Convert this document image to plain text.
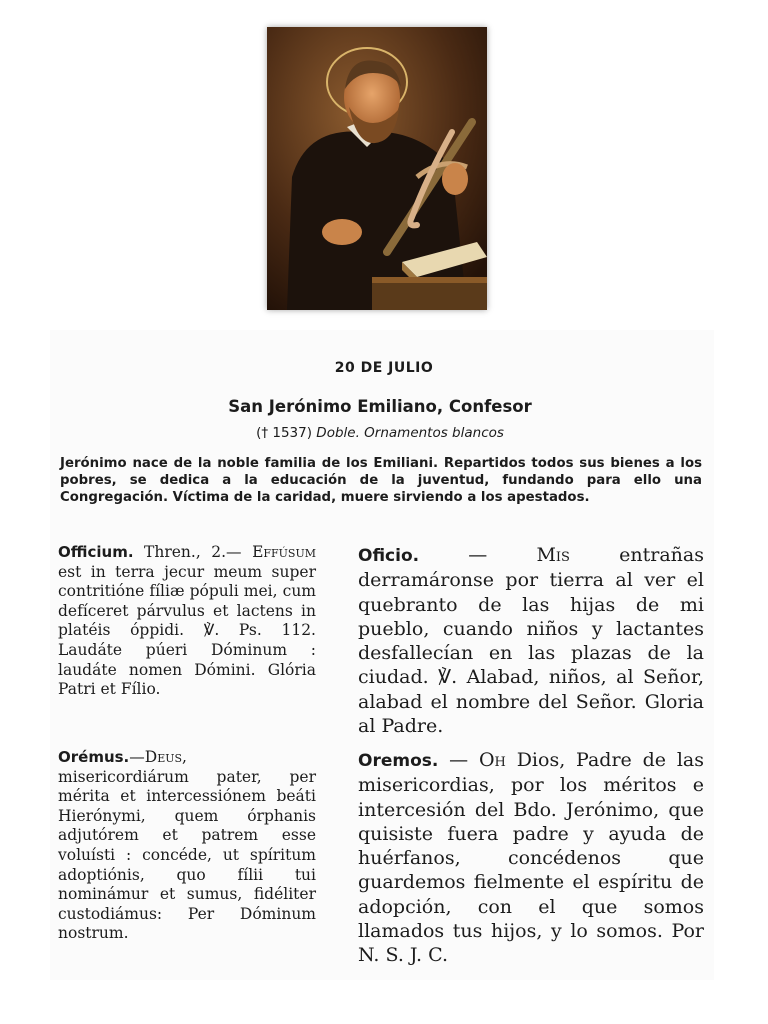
20 DE JULIO
San Jerónimo Emiliano, Confesor
(† 1537) Doble. Ornamentos blancos
Jerónimo nace de la noble familia de los Emiliani. Repartidos todos sus bienes a los pobres, se dedica a la educación de la juventud, fundando para ello una Congregación. Víctima de la caridad, muere sirviendo a los apestados.
Officium. Thren., 2.— Effúsum est in terra jecur meum super contritióne fíliæ pópuli mei, cum defíceret párvulus et lactens in platéis óppidi. ℣. Ps. 112. Laudáte púeri Dóminum : laudáte nomen Dómini. Glória Patri et Fílio.
Oficio.	—	Mis	entrañas derramáronse por tierra al ver el quebranto de las hijas de mi pueblo, cuando niños y lactantes desfallecían en las plazas de la ciudad. ℣. Alabad, niños, al Señor, alabad el nombre del Señor. Gloria al Padre.
Orémus.—Deus, misericordiárum pater, per mérita et intercessiónem beáti Hierónymi, quem órphanis adjutórem et patrem esse voluísti : concéde, ut spíritum adoptiónis, quo fílii tui nominámur et sumus, fidéliter custodiámus: Per Dóminum nostrum.
Oremos. — Oh Dios, Padre de las misericordias, por los méritos e intercesión del Bdo. Jerónimo, que quisiste fuera padre y ayuda de huérfanos, concédenos que guardemos fielmente el espíritu de adopción, con el que somos llamados tus hijos, y lo somos. Por N. S. J. C.
